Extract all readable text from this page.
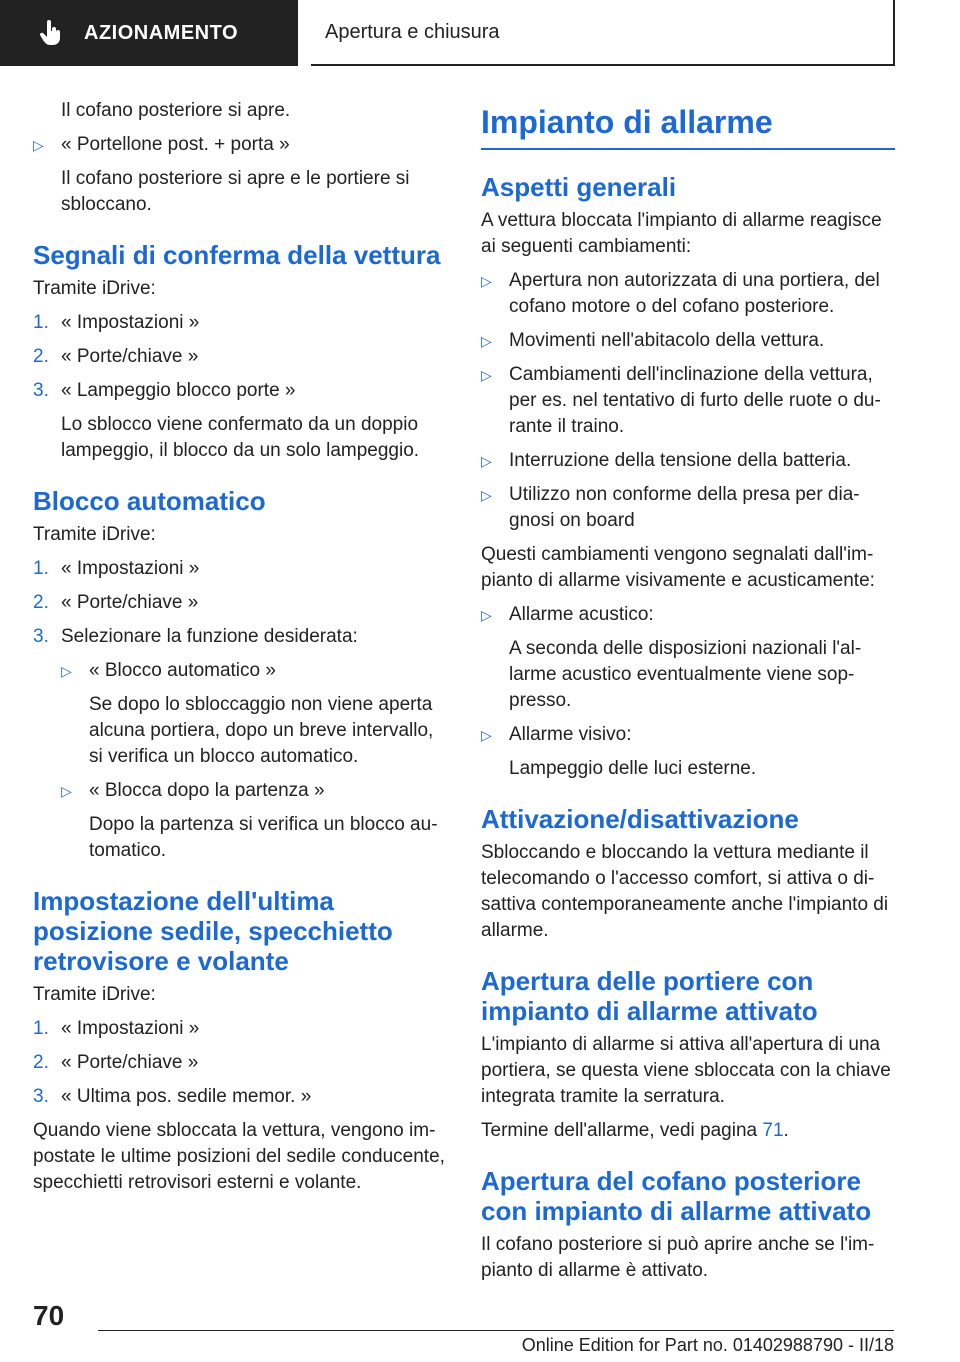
AZIONAMENTO	Apertura e chiusura

Il cofano posteriore si apre.

▷ « Portellone post. + porta »

Il cofano posteriore si apre e le portiere si sbloccano.

Segnali di conferma della vettura

Tramite iDrive:

1. « Impostazioni »
2. « Porte/chiave »
3. « Lampeggio blocco porte »

Lo sblocco viene confermato da un doppio lampeggio, il blocco da un solo lampeggio.

Blocco automatico

Tramite iDrive:

1. « Impostazioni »
2. « Porte/chiave »
3. Selezionare la funzione desiderata:
▷ « Blocco automatico »

Se dopo lo sbloccaggio non viene aperta alcuna portiera, dopo un breve intervallo, si verifica un blocco automatico.

▷ « Blocca dopo la partenza »

Dopo la partenza si verifica un blocco automatico.

Impostazione dell'ultima posizione sedile, specchietto retrovisore e volante

Tramite iDrive:

1. « Impostazioni »
2. « Porte/chiave »
3. « Ultima pos. sedile memor. »

Quando viene sbloccata la vettura, vengono impostate le ultime posizioni del sedile conducente, specchietti retrovisori esterni e volante.

Impianto di allarme
Aspetti generali

A vettura bloccata l'impianto di allarme reagisce ai seguenti cambiamenti:

▷ Apertura non autorizzata di una portiera, del cofano motore o del cofano posteriore.
▷ Movimenti nell'abitacolo della vettura.
▷ Cambiamenti dell'inclinazione della vettura, per es. nel tentativo di furto delle ruote o durante il traino.
▷ Interruzione della tensione della batteria.
▷ Utilizzo non conforme della presa per diagnosi on board

Questi cambiamenti vengono segnalati dall'impianto di allarme visivamente e acusticamente:

▷ Allarme acustico:

A seconda delle disposizioni nazionali l'allarme acustico eventualmente viene soppresso.

▷ Allarme visivo:

Lampeggio delle luci esterne.

Attivazione/disattivazione

Sbloccando e bloccando la vettura mediante il telecomando o l'accesso comfort, si attiva o disattiva contemporaneamente anche l'impianto di allarme.

Apertura delle portiere con impianto di allarme attivato

L'impianto di allarme si attiva all'apertura di una portiera, se questa viene sbloccata con la chiave integrata tramite la serratura.

Termine dell'allarme, vedi pagina 71.

Apertura del cofano posteriore con impianto di allarme attivato

Il cofano posteriore si può aprire anche se l'impianto di allarme è attivato.

70
Online Edition for Part no. 01402988790 - II/18
